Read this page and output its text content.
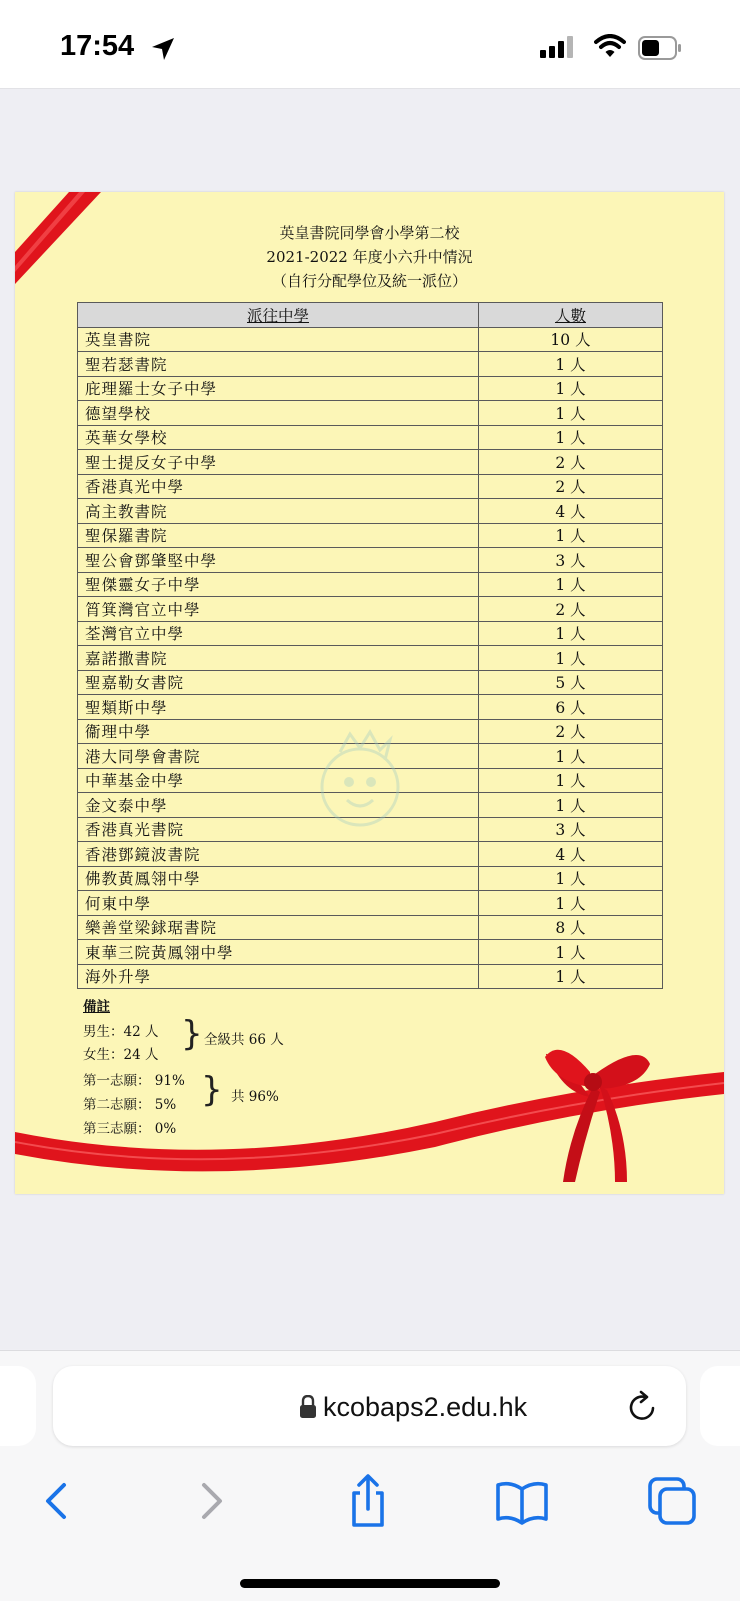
17:54
英皇書院同學會小學第二校
2021-2022 年度小六升中情況
（自行分配學位及統一派位）
派往中學	人數
英皇書院	10 人
聖若瑟書院	1 人
庇理羅士女子中學	1 人
德望學校	1 人
英華女學校	1 人
聖士提反女子中學	2 人
香港真光中學	2 人
高主教書院	4 人
聖保羅書院	1 人
聖公會鄧肇堅中學	3 人
聖傑靈女子中學	1 人
筲箕灣官立中學	2 人
荃灣官立中學	1 人
嘉諾撒書院	1 人
聖嘉勒女書院	5 人
聖類斯中學	6 人
衞理中學	2 人
港大同學會書院	1 人
中華基金中學	1 人
金文泰中學	1 人
香港真光書院	3 人
香港鄧鏡波書院	4 人
佛教黃鳳翎中學	1 人
何東中學	1 人
樂善堂梁銶琚書院	8 人
東華三院黃鳳翎中學	1 人
海外升學	1 人
備註
男生：42 人
女生：24 人
} 全級共 66 人
第一志願： 91%
第二志願： 5%
第三志願： 0%
} 共 96%
kcobaps2.edu.hk
